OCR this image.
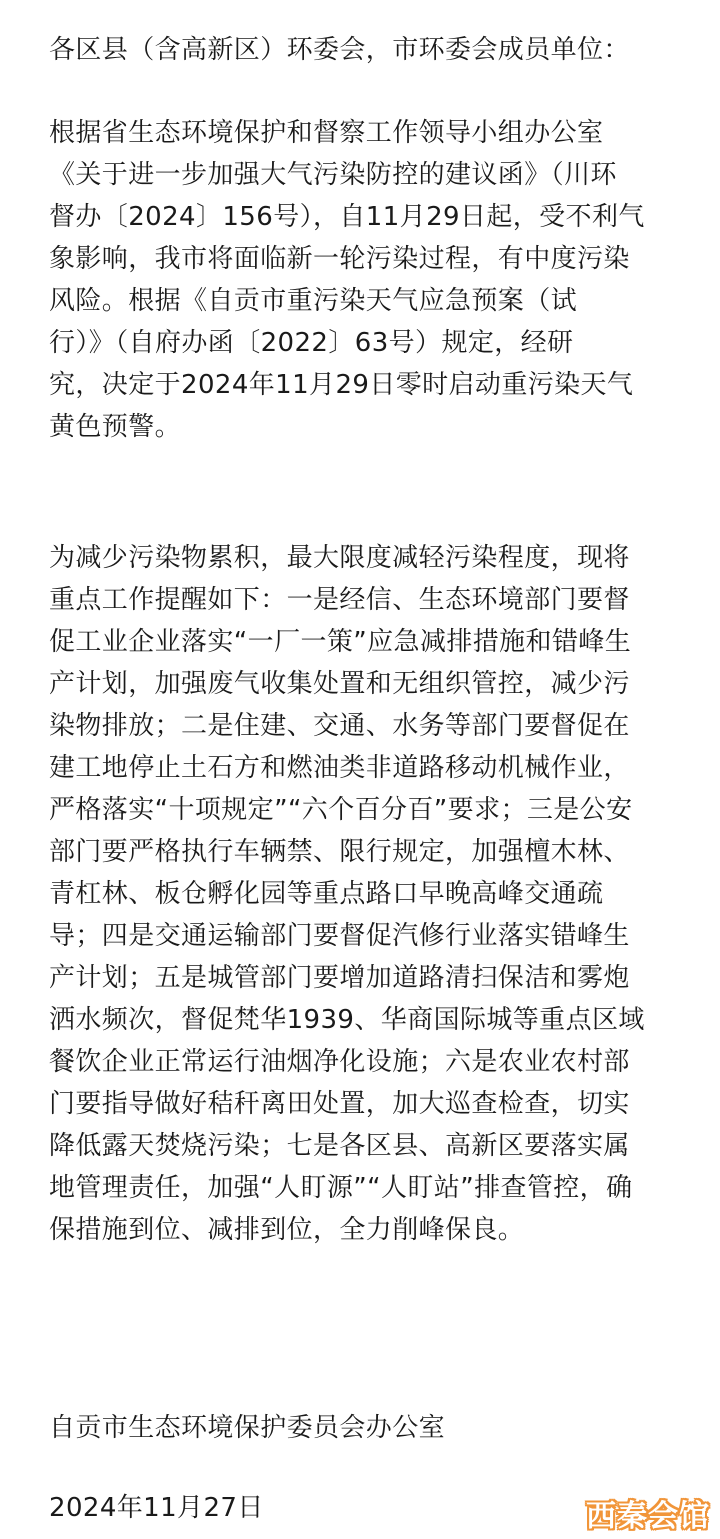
各区县（含高新区）环委会，市环委会成员单位：

根据省生态环境保护和督察工作领导小组办公室
《关于进一步加强大气污染防控的建议函》（川环
督办〔2024〕156号），自11月29日起，受不利气
象影响，我市将面临新一轮污染过程，有中度污染
风险。根据《自贡市重污染天气应急预案（试
行）》（自府办函〔2022〕63号）规定，经研
究，决定于2024年11月29日零时启动重污染天气
黄色预警。
为减少污染物累积，最大限度减轻污染程度，现将
重点工作提醒如下：一是经信、生态环境部门要督
促工业企业落实“一厂一策”应急减排措施和错峰生
产计划，加强废气收集处置和无组织管控，减少污
染物排放；二是住建、交通、水务等部门要督促在
建工地停止土石方和燃油类非道路移动机械作业，
严格落实“十项规定”“六个百分百”要求；三是公安
部门要严格执行车辆禁、限行规定，加强檀木林、
青杠林、板仓孵化园等重点路口早晚高峰交通疏
导；四是交通运输部门要督促汽修行业落实错峰生
产计划；五是城管部门要增加道路清扫保洁和雾炮
洒水频次，督促梵华1939、华商国际城等重点区域
餐饮企业正常运行油烟净化设施；六是农业农村部
门要指导做好秸秆离田处置，加大巡查检查，切实
降低露天焚烧污染；七是各区县、高新区要落实属
地管理责任，加强“人盯源”“人盯站”排查管控，确
保措施到位、减排到位，全力削峰保良。

自贡市生态环境保护委员会办公室

2024年11月27日	西秦会馆
